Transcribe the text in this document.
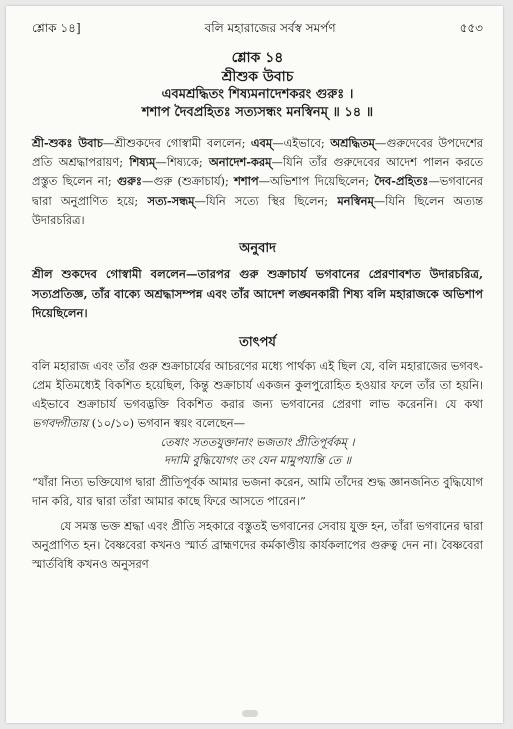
শ্লোক ১৪]	বলি মহারাজের সর্বস্ব সমর্পণ	৫৫৩
শ্লোক ১৪
শ্রীশুক উবাচ
এবমশ্রদ্ধিতং শিষ্যমনাদেশকরং গুরুঃ ।
শশাপ দৈবপ্রহিতঃ সত্যসন্ধং মনস্বিনম্ ॥ ১৪ ॥
শ্রী-শুকঃ উবাচ—শ্রীশুকদেব গোস্বামী বললেন; এবম্—এইভাবে; অশ্রদ্ধিতম্—গুরুদেবের উপদেশের প্রতি অশ্রদ্ধাপরায়ণ; শিষ্যম্—শিষ্যকে; অনাদেশ-করম্—যিনি তাঁর গুরুদেবের আদেশ পালন করতে প্রস্তুত ছিলেন না; গুরুঃ—গুরু (শুক্রাচার্য); শশাপ—অভিশাপ দিয়েছিলেন; দৈব-প্রহিতঃ—ভগবানের দ্বারা অনুপ্রাণিত হয়ে; সত্য-সন্ধম্—যিনি সত্যে স্থির ছিলেন; মনস্বিনম্—যিনি ছিলেন অত্যন্ত উদারচরিত্র।
অনুবাদ
শ্রীল শুকদেব গোস্বামী বললেন—তারপর গুরু শুক্রাচার্য ভগবানের প্রেরণাবশত উদারচরিত্র, সত্যপ্রতিজ্ঞ, তাঁর বাক্যে অশ্রদ্ধাসম্পন্ন এবং তাঁর আদেশ লঙ্ঘনকারী শিষ্য বলি মহারাজকে অভিশাপ দিয়েছিলেন।
তাৎপর্য
বলি মহারাজ এবং তাঁর গুরু শুক্রাচার্যের আচরণের মধ্যে পার্থক্য এই ছিল যে, বলি মহারাজের ভগবৎ-প্রেম ইতিমধ্যেই বিকশিত হয়েছিল, কিন্তু শুক্রাচার্য একজন কুলপুরোহিত হওয়ার ফলে তাঁর তা হয়নি। এইভাবে শুক্রাচার্য ভগবদ্ভক্তি বিকশিত করার জন্য ভগবানের প্রেরণা লাভ করেননি। যে কথা ভগবদ্গীতায় (১০/১০) ভগবান স্বয়ং বলেছেন—
তেষাং সততযুক্তানাং ভজতাং প্রীতিপূর্বকম্ ।
দদামি বুদ্ধিযোগং তং যেন মামুপযান্তি তে ॥
“যাঁরা নিত্য ভক্তিযোগ দ্বারা প্রীতিপূর্বক আমার ভজনা করেন, আমি তাঁদের শুদ্ধ জ্ঞানজনিত বুদ্ধিযোগ দান করি, যার দ্বারা তাঁরা আমার কাছে ফিরে আসতে পারেন।”
যে সমস্ত ভক্ত শ্রদ্ধা এবং প্রীতি সহকারে বস্তুতই ভগবানের সেবায় যুক্ত হন, তাঁরা ভগবানের দ্বারা অনুপ্রাণিত হন। বৈষ্ণবেরা কখনও স্মার্ত ব্রাহ্মণদের কর্মকাণ্ডীয় কার্যকলাপের গুরুত্ব দেন না। বৈষ্ণবেরা স্মার্তবিধি কখনও অনুসরণ
